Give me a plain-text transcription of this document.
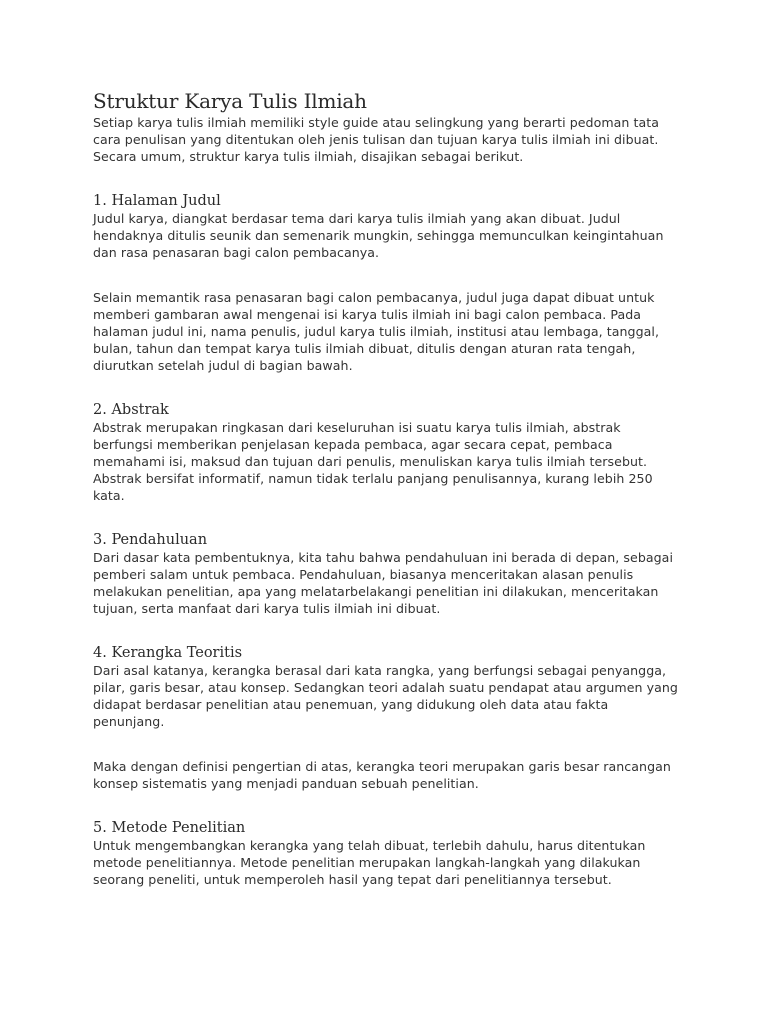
Struktur Karya Tulis Ilmiah

Setiap karya tulis ilmiah memiliki style guide atau selingkung yang berarti pedoman tata cara penulisan yang ditentukan oleh jenis tulisan dan tujuan karya tulis ilmiah ini dibuat. Secara umum, struktur karya tulis ilmiah, disajikan sebagai berikut.

1. Halaman Judul

Judul karya, diangkat berdasar tema dari karya tulis ilmiah yang akan dibuat. Judul hendaknya ditulis seunik dan semenarik mungkin, sehingga memunculkan keingintahuan dan rasa penasaran bagi calon pembacanya.

Selain memantik rasa penasaran bagi calon pembacanya, judul juga dapat dibuat untuk memberi gambaran awal mengenai isi karya tulis ilmiah ini bagi calon pembaca. Pada halaman judul ini, nama penulis, judul karya tulis ilmiah, institusi atau lembaga, tanggal, bulan, tahun dan tempat karya tulis ilmiah dibuat, ditulis dengan aturan rata tengah, diurutkan setelah judul di bagian bawah.

2. Abstrak

Abstrak merupakan ringkasan dari keseluruhan isi suatu karya tulis ilmiah, abstrak berfungsi memberikan penjelasan kepada pembaca, agar secara cepat, pembaca memahami isi, maksud dan tujuan dari penulis, menuliskan karya tulis ilmiah tersebut. Abstrak bersifat informatif, namun tidak terlalu panjang penulisannya, kurang lebih 250 kata.

3. Pendahuluan

Dari dasar kata pembentuknya, kita tahu bahwa pendahuluan ini berada di depan, sebagai pemberi salam untuk pembaca. Pendahuluan, biasanya menceritakan alasan penulis melakukan penelitian, apa yang melatarbelakangi penelitian ini dilakukan, menceritakan tujuan, serta manfaat dari karya tulis ilmiah ini dibuat.

4. Kerangka Teoritis

Dari asal katanya, kerangka berasal dari kata rangka, yang berfungsi sebagai penyangga, pilar, garis besar, atau konsep. Sedangkan teori adalah suatu pendapat atau argumen yang didapat berdasar penelitian atau penemuan, yang didukung oleh data atau fakta penunjang.

Maka dengan definisi pengertian di atas, kerangka teori merupakan garis besar rancangan konsep sistematis yang menjadi panduan sebuah penelitian.

5. Metode Penelitian

Untuk mengembangkan kerangka yang telah dibuat, terlebih dahulu, harus ditentukan metode penelitiannya. Metode penelitian merupakan langkah-langkah yang dilakukan seorang peneliti, untuk memperoleh hasil yang tepat dari penelitiannya tersebut.
